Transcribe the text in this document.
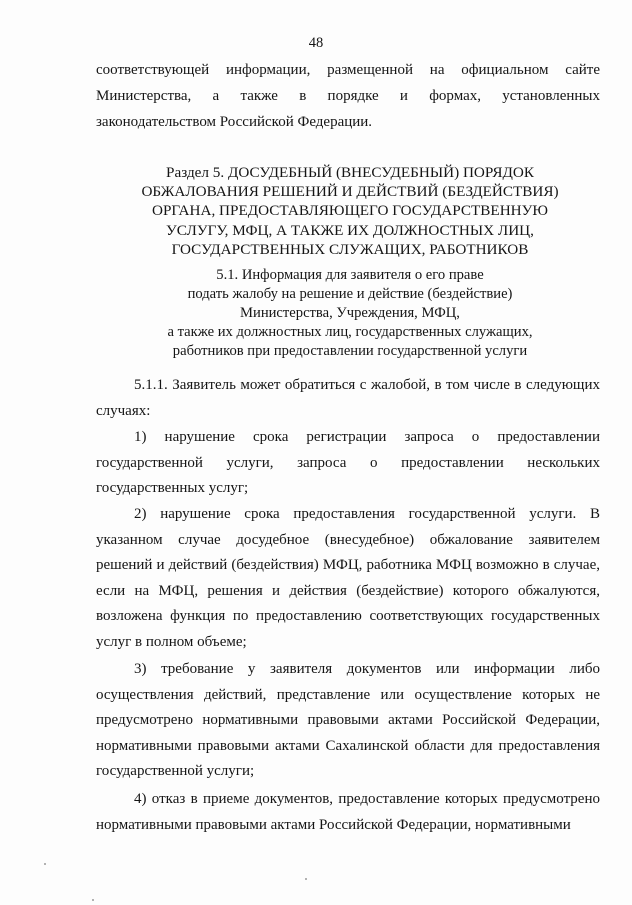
48
соответствующей информации, размещенной на официальном сайте
Министерства, а также в порядке и формах, установленных
законодательством Российской Федерации.
Раздел 5. ДОСУДЕБНЫЙ (ВНЕСУДЕБНЫЙ) ПОРЯДОК
ОБЖАЛОВАНИЯ РЕШЕНИЙ И ДЕЙСТВИЙ (БЕЗДЕЙСТВИЯ)
ОРГАНА, ПРЕДОСТАВЛЯЮЩЕГО ГОСУДАРСТВЕННУЮ
УСЛУГУ, МФЦ, А ТАКЖЕ ИХ ДОЛЖНОСТНЫХ ЛИЦ,
ГОСУДАРСТВЕННЫХ СЛУЖАЩИХ, РАБОТНИКОВ
5.1. Информация для заявителя о его праве
подать жалобу на решение и действие (бездействие)
Министерства, Учреждения, МФЦ,
а также их должностных лиц, государственных служащих,
работников при предоставлении государственной услуги

5.1.1. Заявитель может обратиться с жалобой, в том числе в следующих случаях:

1) нарушение срока регистрации запроса о предоставлении государственной услуги, запроса о предоставлении нескольких государственных услуг;

2) нарушение срока предоставления государственной услуги. В указанном случае досудебное (внесудебное) обжалование заявителем решений и действий (бездействия) МФЦ, работника МФЦ возможно в случае, если на МФЦ, решения и действия (бездействие) которого обжалуются, возложена функция по предоставлению соответствующих государственных услуг в полном объеме;

3) требование у заявителя документов или информации либо осуществления действий, представление или осуществление которых не предусмотрено нормативными правовыми актами Российской Федерации, нормативными правовыми актами Сахалинской области для предоставления государственной услуги;

4) отказ в приеме документов, предоставление которых предусмотрено нормативными правовыми актами Российской Федерации, нормативными
